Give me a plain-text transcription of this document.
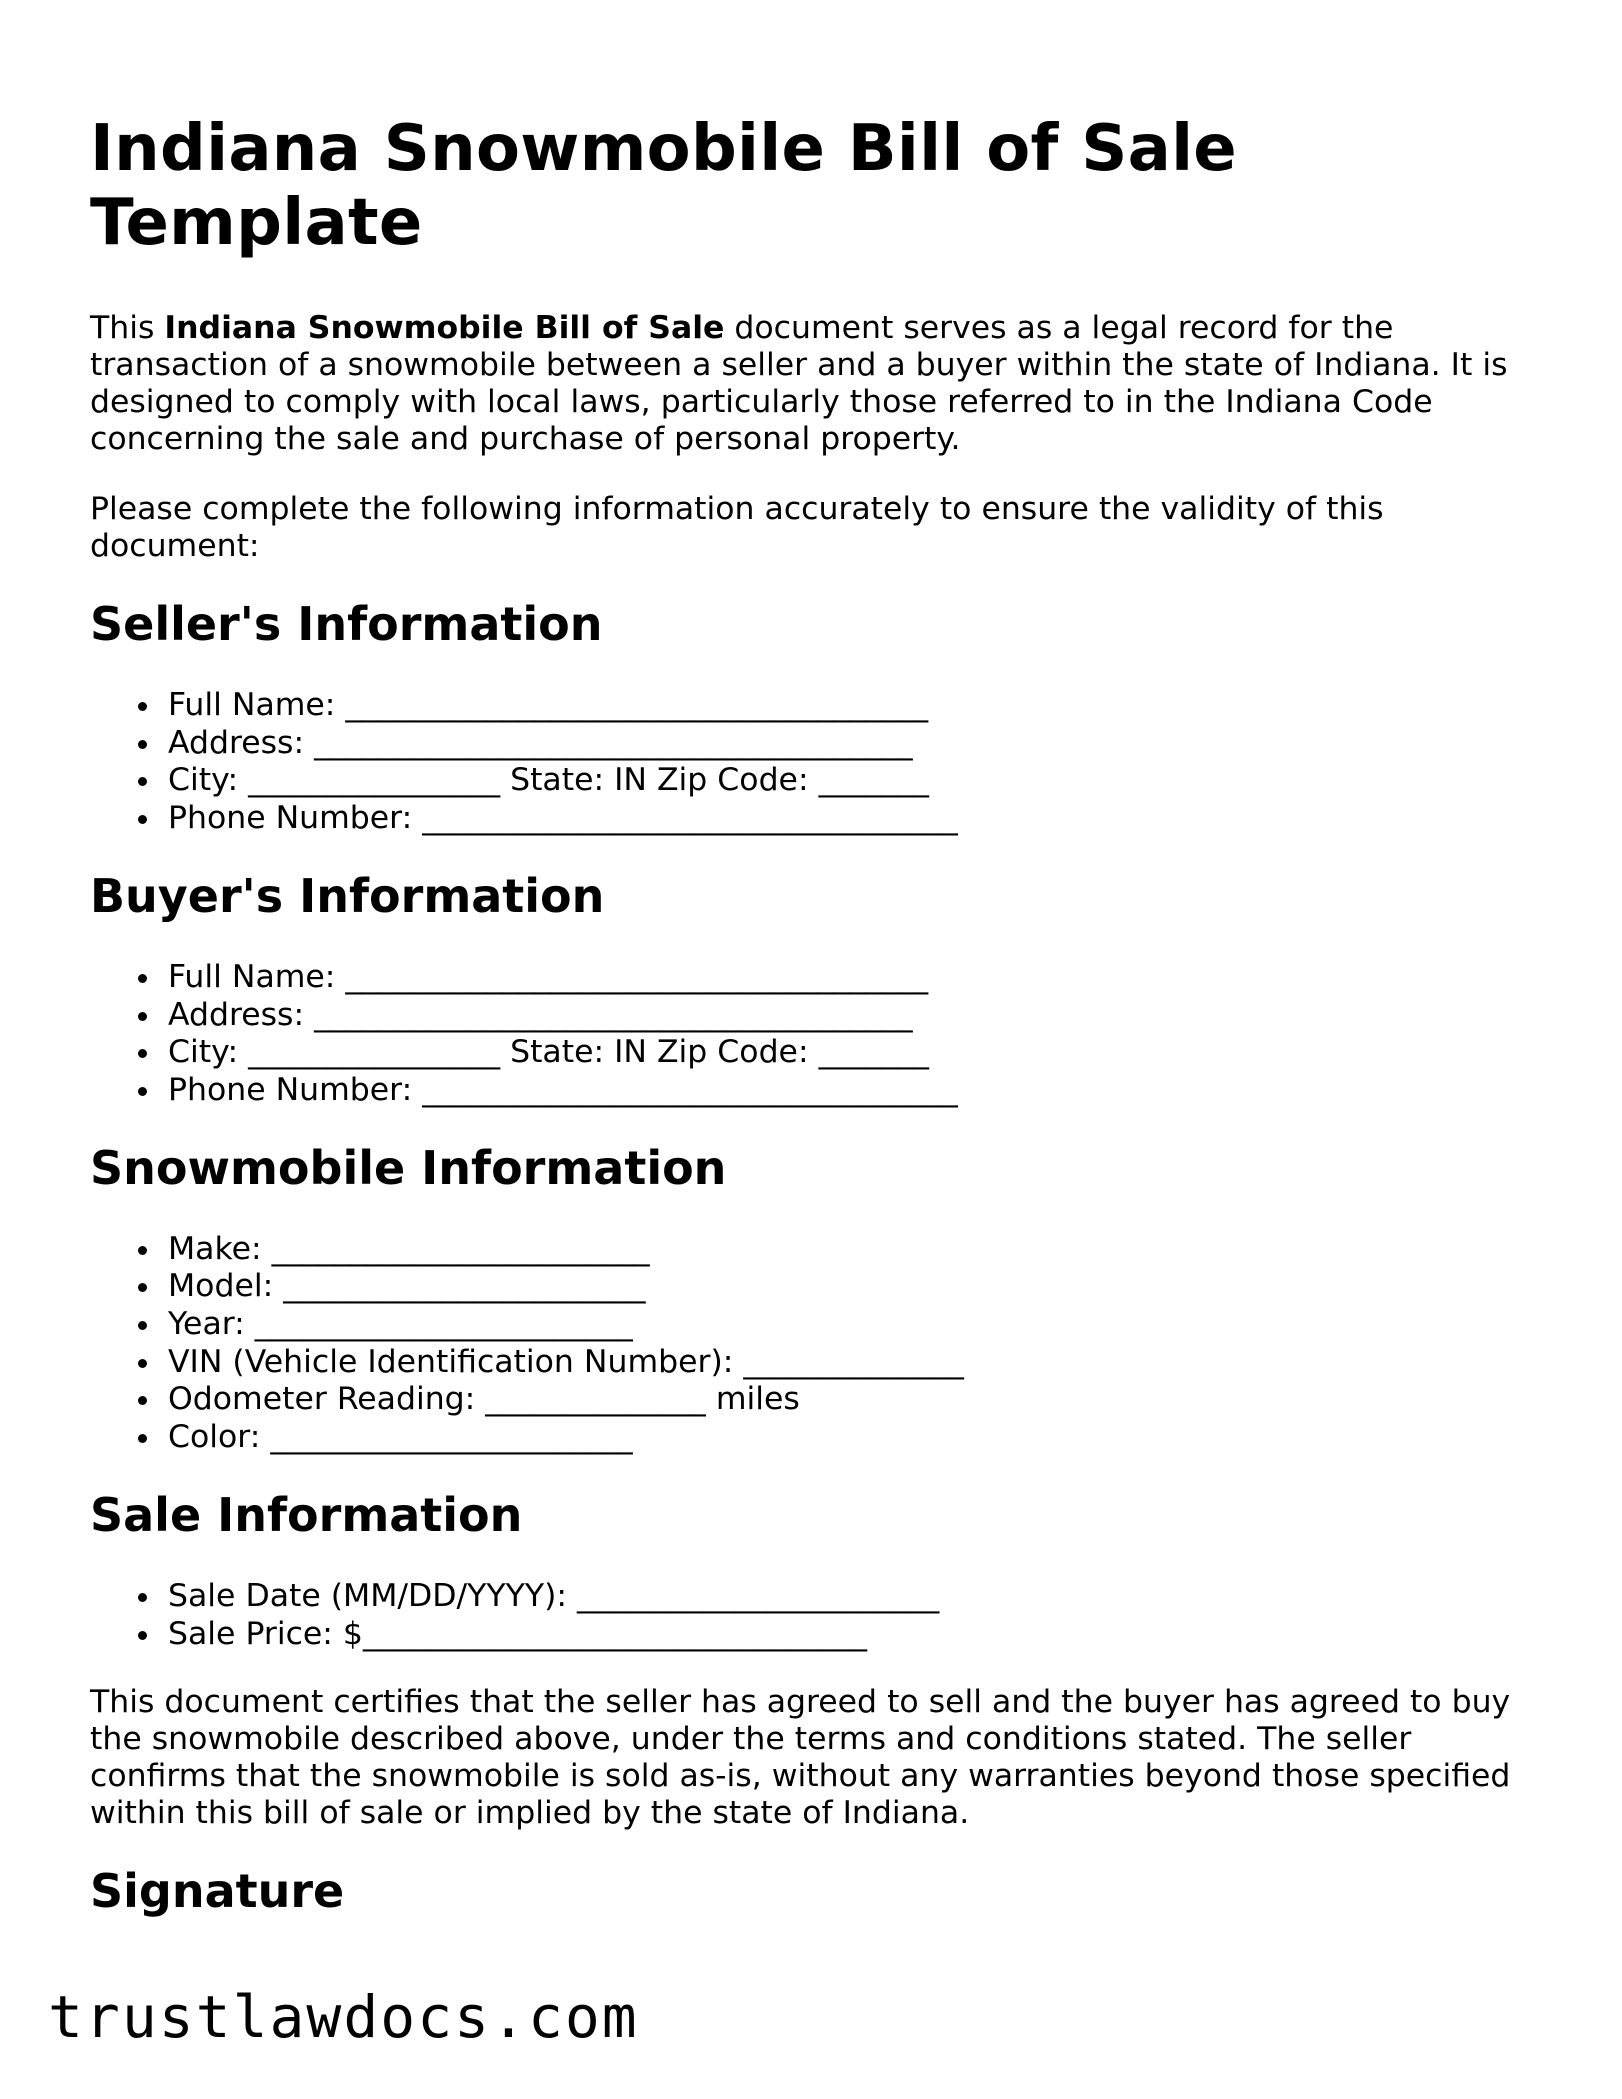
Indiana Snowmobile Bill of Sale Template

This Indiana Snowmobile Bill of Sale document serves as a legal record for the transaction of a snowmobile between a seller and a buyer within the state of Indiana. It is designed to comply with local laws, particularly those referred to in the Indiana Code concerning the sale and purchase of personal property.

Please complete the following information accurately to ensure the validity of this document:

Seller's Information
Full Name: _____________________________________
Address: ______________________________________
City: ________________ State: IN Zip Code: _______
Phone Number: __________________________________
Buyer's Information
Full Name: _____________________________________
Address: ______________________________________
City: ________________ State: IN Zip Code: _______
Phone Number: __________________________________
Snowmobile Information
Make: ________________________
Model: _______________________
Year: ________________________
VIN (Vehicle Identification Number): ______________
Odometer Reading: ______________ miles
Color: _______________________
Sale Information
Sale Date (MM/DD/YYYY): _______________________
Sale Price: $________________________________

This document certifies that the seller has agreed to sell and the buyer has agreed to buy the snowmobile described above, under the terms and conditions stated. The seller confirms that the snowmobile is sold as-is, without any warranties beyond those specified within this bill of sale or implied by the state of Indiana.

Signature
trustlawdocs.com
